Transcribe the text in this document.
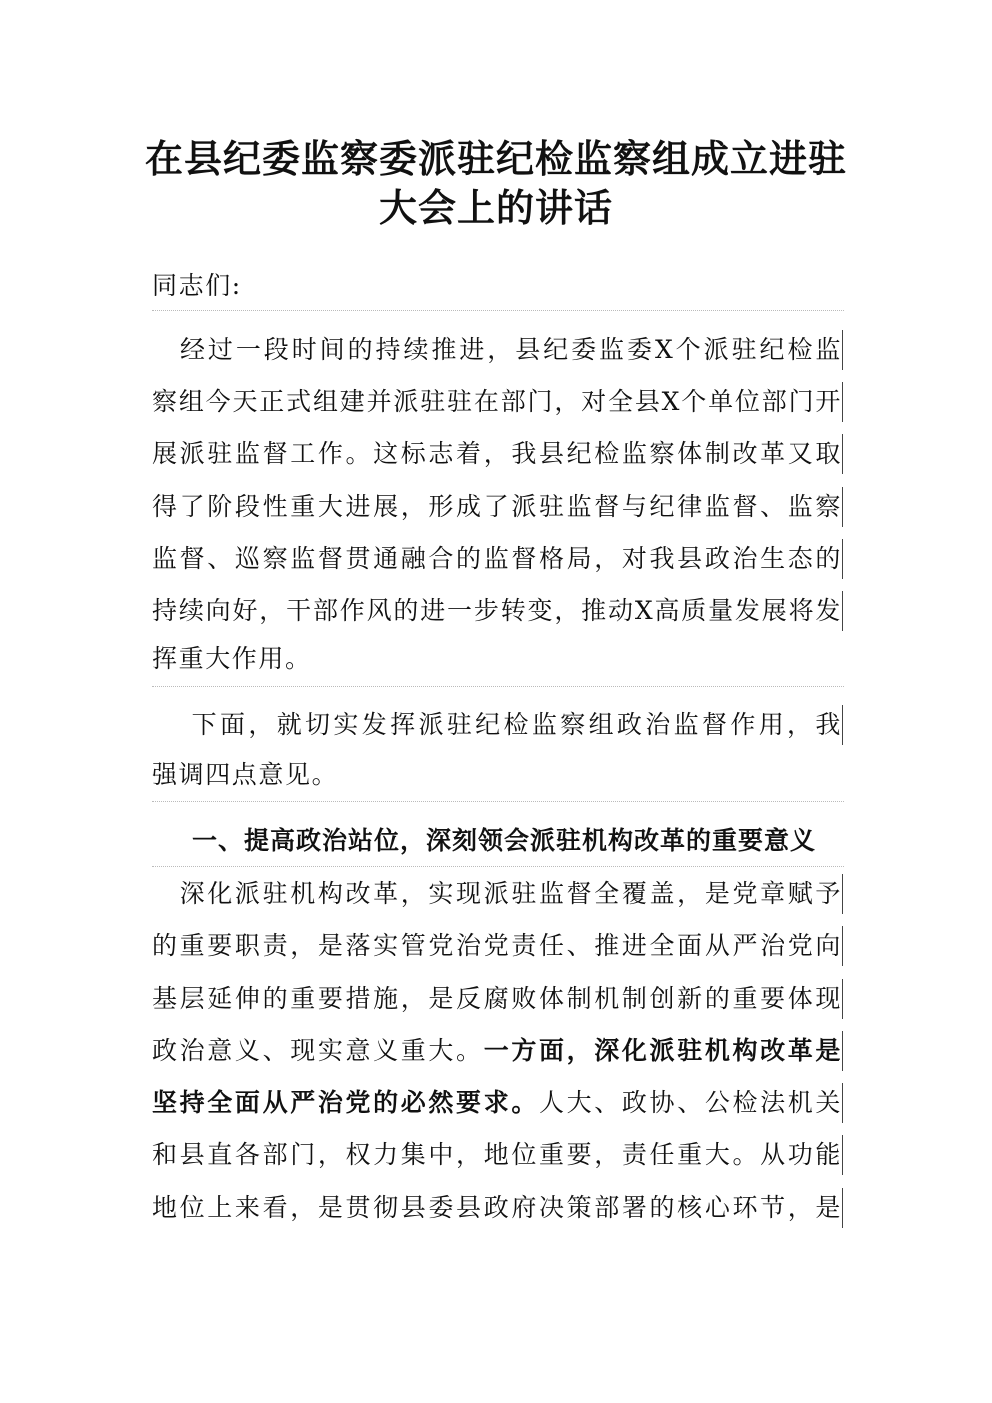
在县纪委监察委派驻纪检监察组成立进驻
大会上的讲话
同志们:
　经过一段时间的持续推进，县纪委监委X个派驻纪检监
察组今天正式组建并派驻驻在部门，对全县X个单位部门开
展派驻监督工作。这标志着，我县纪检监察体制改革又取
得了阶段性重大进展，形成了派驻监督与纪律监督、监察
监督、巡察监督贯通融合的监督格局，对我县政治生态的
持续向好，干部作风的进一步转变，推动X高质量发展将发
挥重大作用。
　 下面，就切实发挥派驻纪检监察组政治监督作用，我
强调四点意见。
一、提高政治站位，深刻领会派驻机构改革的重要意义
　深化派驻机构改革，实现派驻监督全覆盖，是党章赋予
的重要职责，是落实管党治党责任、推进全面从严治党向
基层延伸的重要措施，是反腐败体制机制创新的重要体现
政治意义、现实意义重大。一方面，深化派驻机构改革是
坚持全面从严治党的必然要求。人大、政协、公检法机关
和县直各部门，权力集中，地位重要，责任重大。从功能
地位上来看，是贯彻县委县政府决策部署的核心环节，是
